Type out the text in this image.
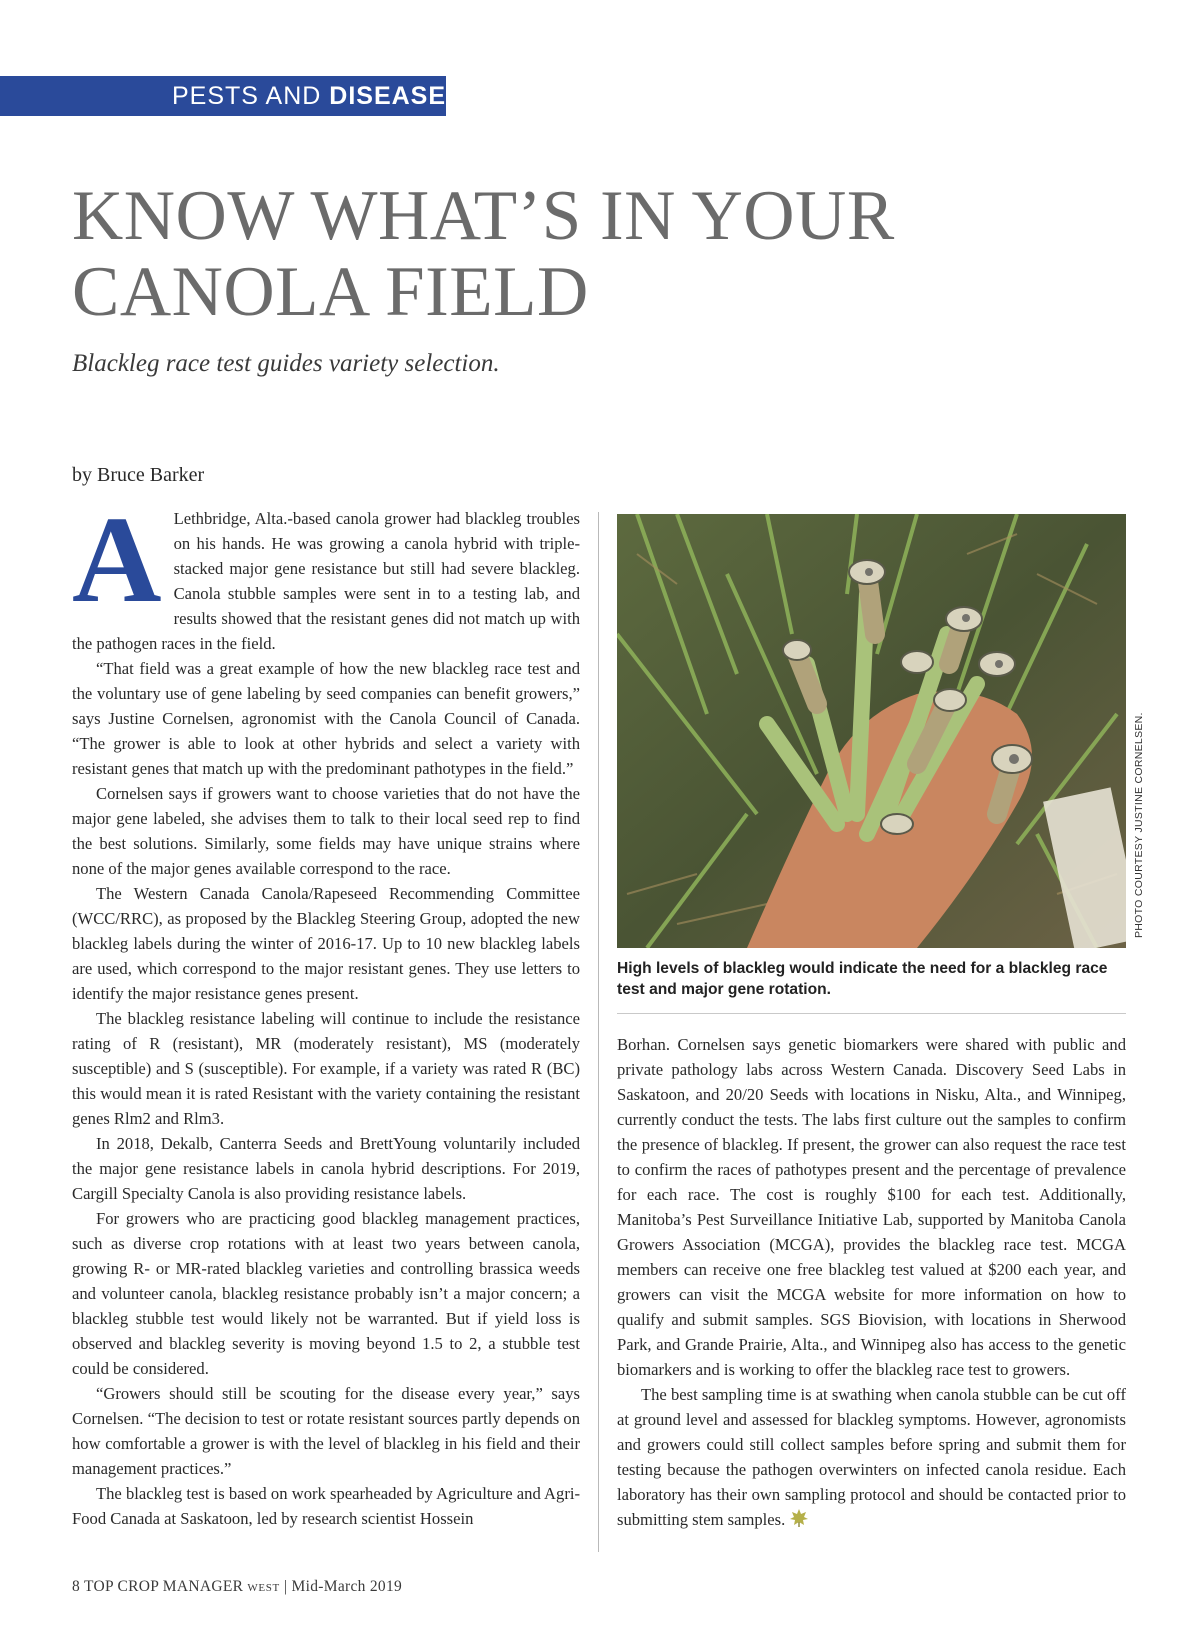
PESTS AND DISEASES
KNOW WHAT’S IN YOUR CANOLA FIELD

Blackleg race test guides variety selection.

by Bruce Barker

A Lethbridge, Alta.-based canola grower had blackleg troubles on his hands. He was growing a canola hybrid with triple-stacked major gene resistance but still had severe blackleg. Canola stubble samples were sent in to a testing lab, and results showed that the resistant genes did not match up with the pathogen races in the field.

“That field was a great example of how the new blackleg race test and the voluntary use of gene labeling by seed companies can benefit growers,” says Justine Cornelsen, agronomist with the Canola Council of Canada. “The grower is able to look at other hybrids and select a variety with resistant genes that match up with the predominant pathotypes in the field.”

Cornelsen says if growers want to choose varieties that do not have the major gene labeled, she advises them to talk to their local seed rep to find the best solutions. Similarly, some fields may have unique strains where none of the major genes available correspond to the race.

The Western Canada Canola/Rapeseed Recommending Committee (WCC/RRC), as proposed by the Blackleg Steering Group, adopted the new blackleg labels during the winter of 2016-17. Up to 10 new blackleg labels are used, which correspond to the major resistant genes. They use letters to identify the major resistance genes present.

The blackleg resistance labeling will continue to include the resistance rating of R (resistant), MR (moderately resistant), MS (moderately susceptible) and S (susceptible). For example, if a variety was rated R (BC) this would mean it is rated Resistant with the variety containing the resistant genes Rlm2 and Rlm3.

In 2018, Dekalb, Canterra Seeds and BrettYoung voluntarily included the major gene resistance labels in canola hybrid descriptions. For 2019, Cargill Specialty Canola is also providing resistance labels.

For growers who are practicing good blackleg management practices, such as diverse crop rotations with at least two years between canola, growing R- or MR-rated blackleg varieties and controlling brassica weeds and volunteer canola, blackleg resistance probably isn’t a major concern; a blackleg stubble test would likely not be warranted. But if yield loss is observed and blackleg severity is moving beyond 1.5 to 2, a stubble test could be considered.

“Growers should still be scouting for the disease every year,” says Cornelsen. “The decision to test or rotate resistant sources partly depends on how comfortable a grower is with the level of blackleg in his field and their management practices.”

The blackleg test is based on work spearheaded by Agriculture and Agri-Food Canada at Saskatoon, led by research scientist Hossein

PHOTO COURTESY JUSTINE CORNELSEN.

High levels of blackleg would indicate the need for a blackleg race test and major gene rotation.

Borhan. Cornelsen says genetic biomarkers were shared with public and private pathology labs across Western Canada. Discovery Seed Labs in Saskatoon, and 20/20 Seeds with locations in Nisku, Alta., and Winnipeg, currently conduct the tests. The labs first culture out the samples to confirm the presence of blackleg. If present, the grower can also request the race test to confirm the races of pathotypes present and the percentage of prevalence for each race. The cost is roughly $100 for each test. Additionally, Manitoba’s Pest Surveillance Initiative Lab, supported by Manitoba Canola Growers Association (MCGA), provides the blackleg race test. MCGA members can receive one free blackleg test valued at $200 each year, and growers can visit the MCGA website for more information on how to qualify and submit samples. SGS Biovision, with locations in Sherwood Park, and Grande Prairie, Alta., and Winnipeg also has access to the genetic biomarkers and is working to offer the blackleg race test to growers.

The best sampling time is at swathing when canola stubble can be cut off at ground level and assessed for blackleg symptoms. However, agronomists and growers could still collect samples before spring and submit them for testing because the pathogen overwinters on infected canola residue. Each laboratory has their own sampling protocol and should be contacted prior to submitting stem samples.

8 TOP CROP MANAGER WEST | Mid-March 2019
